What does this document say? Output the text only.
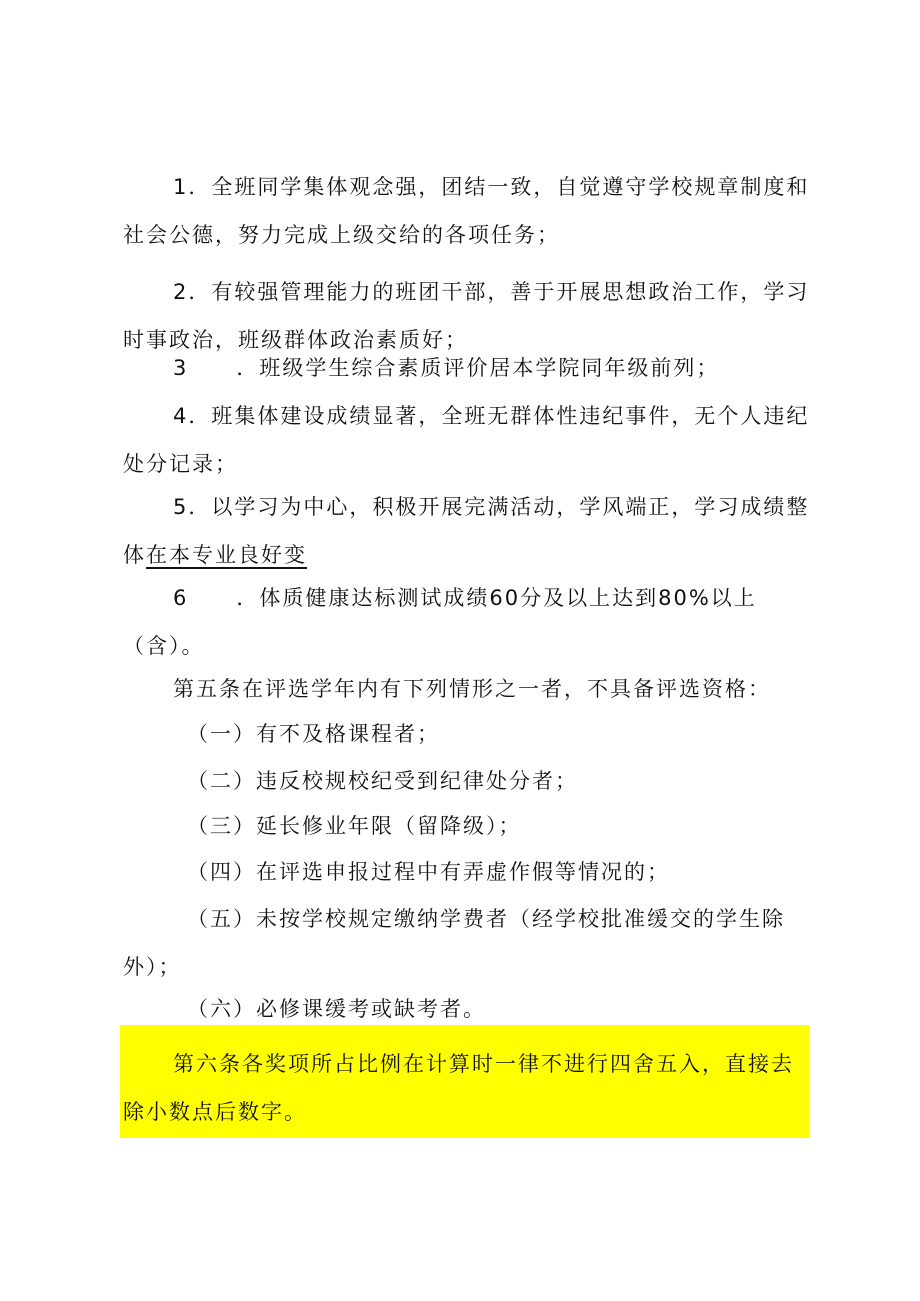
1．全班同学集体观念强，团结一致，自觉遵守学校规章制度和
社会公德，努力完成上级交给的各项任务；
2．有较强管理能力的班团干部，善于开展思想政治工作，学习
时事政治，班级群体政治素质好；
3 ．班级学生综合素质评价居本学院同年级前列；
4．班集体建设成绩显著，全班无群体性违纪事件，无个人违纪
处分记录；
5．以学习为中心，积极开展完满活动，学风端正，学习成绩整
体在本专业良好变
6 ．体质健康达标测试成绩60分及以上达到80%以上
（含）。
第五条在评选学年内有下列情形之一者，不具备评选资格：
（一）有不及格课程者；
（二）违反校规校纪受到纪律处分者；
（三）延长修业年限（留降级）；
（四）在评选申报过程中有弄虚作假等情况的；
（五）未按学校规定缴纳学费者（经学校批准缓交的学生除
外）；
（六）必修课缓考或缺考者。
第六条各奖项所占比例在计算时一律不进行四舍五入，直接去
除小数点后数字。
